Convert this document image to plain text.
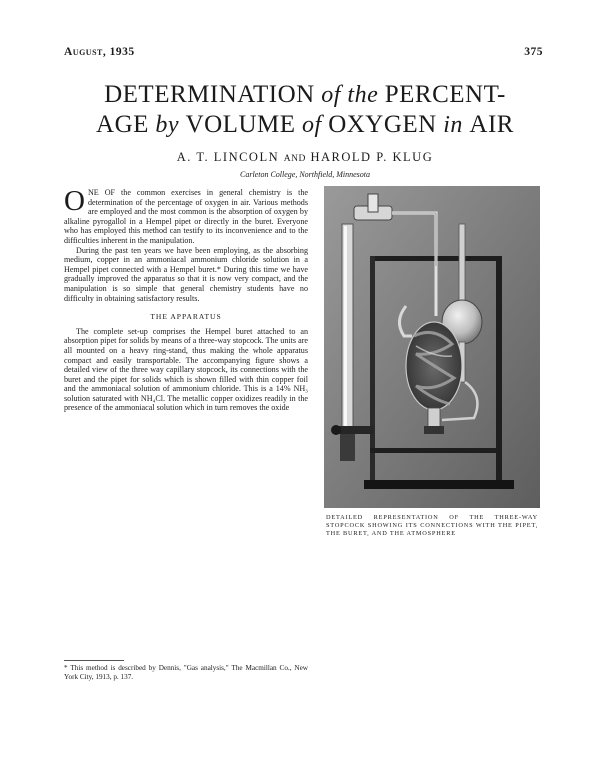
August, 1935	375
DETERMINATION of the PERCENT-
AGE by VOLUME of OXYGEN in AIR
A. T. LINCOLN AND HAROLD P. KLUG
Carleton College, Northfield, Minnesota

ONE OF the common exercises in general chemistry is the determination of the percentage of oxygen in air. Various methods are employed and the most common is the absorption of oxygen by alkaline pyrogallol in a Hempel pipet or directly in the buret. Everyone who has employed this method can testify to its inconvenience and to the difficulties inherent in the manipulation.

During the past ten years we have been employing, as the absorbing medium, copper in an ammoniacal ammonium chloride solution in a Hempel pipet connected with a Hempel buret.* During this time we have gradually improved the apparatus so that it is now very compact, and the manipulation is so simple that general chemistry students have no difficulty in obtaining satisfactory results.

THE APPARATUS

The complete set-up comprises the Hempel buret attached to an absorption pipet for solids by means of a three-way stopcock. The units are all mounted on a heavy ring-stand, thus making the whole apparatus compact and easily transportable. The accompanying figure shows a detailed view of the three way capillary stopcock, its connections with the buret and the pipet for solids which is shown filled with thin copper foil and the ammoniacal solution of ammonium chloride. This is a 14% NH₃ solution saturated with NH₄Cl. The metallic copper oxidizes readily in the presence of the ammoniacal solution which in turn removes the oxide

* This method is described by Dennis, "Gas analysis," The Macmillan Co., New York City, 1913, p. 137.
DETAILED REPRESENTATION OF THE THREE-WAY STOPCOCK SHOWING ITS CONNECTIONS WITH THE PIPET, THE BURET, AND THE ATMOSPHERE
